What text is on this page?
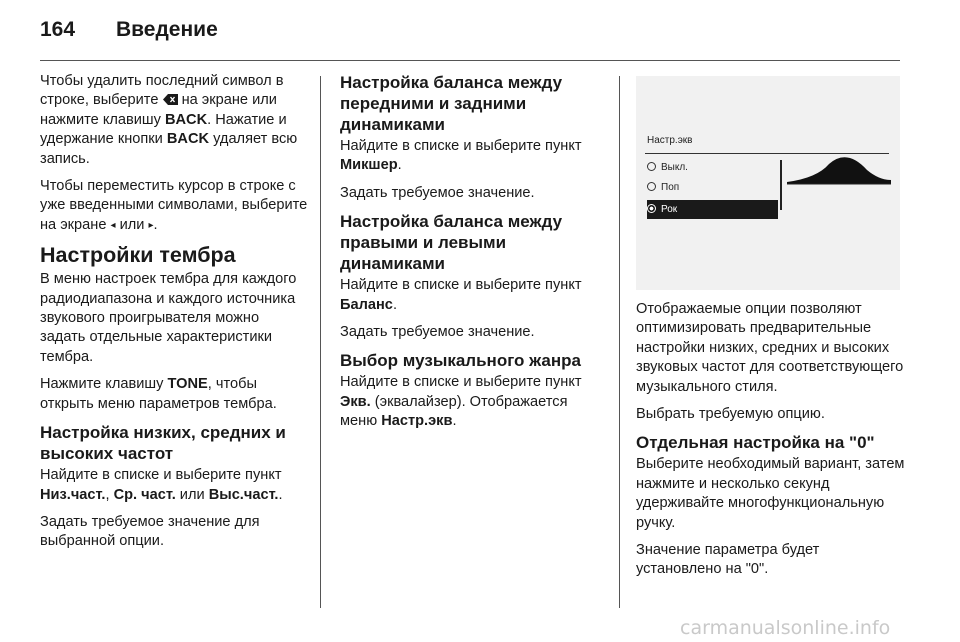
164 Введение

Чтобы удалить последний символ в строке, выберите  на экране или нажмите клавишу BACK. Нажатие и удержание кнопки BACK удаляет всю запись.

Чтобы переместить курсор в строке с уже введенными символами, выберите на экране ◂ или ▸.

Настройки тембра

В меню настроек тембра для каждого радиодиапазона и каждого источника звукового проигрывателя можно задать отдельные характеристики тембра.

Нажмите клавишу TONE, чтобы открыть меню параметров тембра.

Настройка низких, средних и высоких частот

Найдите в списке и выберите пункт Низ.част., Ср. част. или Выс.част..

Задать требуемое значение для выбранной опции.

Настройка баланса между передними и задними динамиками

Найдите в списке и выберите пункт Микшер.

Задать требуемое значение.

Настройка баланса между правыми и левыми динамиками

Найдите в списке и выберите пункт Баланс.

Задать требуемое значение.

Выбор музыкального жанра

Найдите в списке и выберите пункт Экв. (эквалайзер). Отображается меню Настр.экв.

Настр.экв
Выкл.
Поп
Рок

Отображаемые опции позволяют оптимизировать предварительные настройки низких, средних и высоких звуковых частот для соответствующего музыкального стиля.

Выбрать требуемую опцию.

Отдельная настройка на "0"

Выберите необходимый вариант, затем нажмите и несколько секунд удерживайте многофункциональную ручку.

Значение параметра будет установлено на "0".

carmanualsonline.info
